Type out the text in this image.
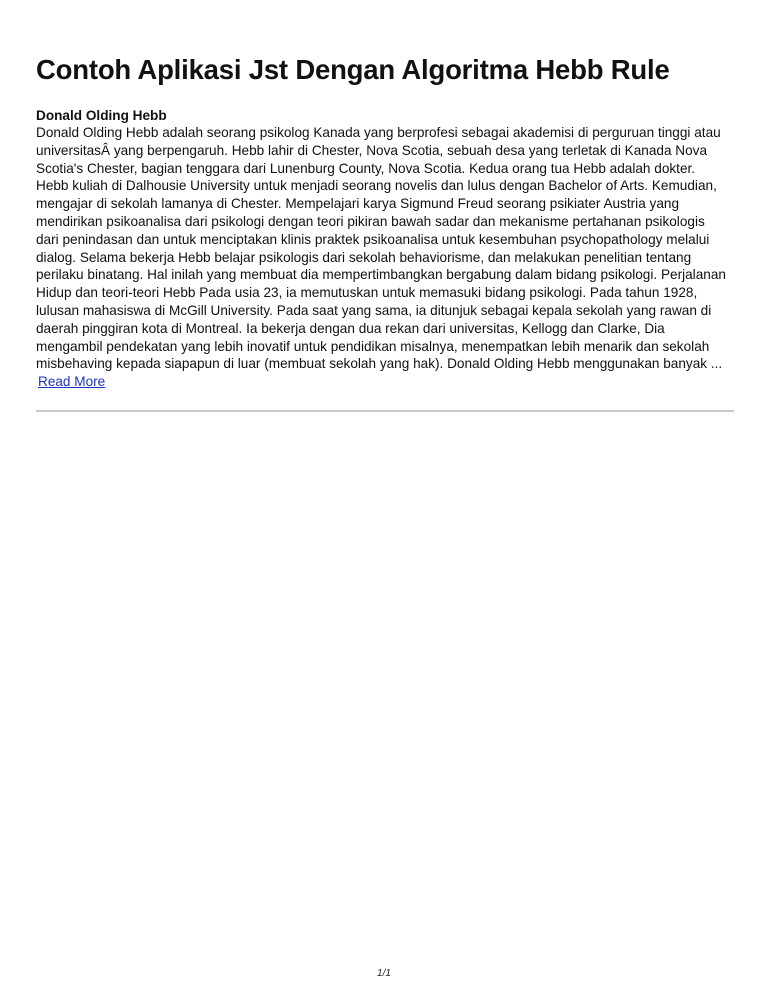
Contoh Aplikasi Jst Dengan Algoritma Hebb Rule

Donald Olding Hebb

Donald Olding Hebb adalah seorang psikolog Kanada yang berprofesi sebagai akademisi di perguruan tinggi atau universitasÂ yang berpengaruh. Hebb lahir di Chester, Nova Scotia, sebuah desa yang terletak di Kanada Nova Scotia's Chester, bagian tenggara dari Lunenburg County, Nova Scotia. Kedua orang tua Hebb adalah dokter. Hebb kuliah di Dalhousie University untuk menjadi seorang novelis dan lulus dengan Bachelor of Arts. Kemudian, mengajar di sekolah lamanya di Chester. Mempelajari karya Sigmund Freud seorang psikiater Austria yang mendirikan psikoanalisa dari psikologi dengan teori pikiran bawah sadar dan mekanisme pertahanan psikologis dari penindasan dan untuk menciptakan klinis praktek psikoanalisa untuk kesembuhan psychopathology melalui dialog. Selama bekerja Hebb belajar psikologis dari sekolah behaviorisme, dan melakukan penelitian tentang perilaku binatang. Hal inilah yang membuat dia mempertimbangkan bergabung dalam bidang psikologi. Perjalanan Hidup dan teori-teori Hebb Pada usia 23, ia memutuskan untuk memasuki bidang psikologi. Pada tahun 1928, lulusan mahasiswa di McGill University. Pada saat yang sama, ia ditunjuk sebagai kepala sekolah yang rawan di daerah pinggiran kota di Montreal. Ia bekerja dengan dua rekan dari universitas, Kellogg dan Clarke, Dia mengambil pendekatan yang lebih inovatif untuk pendidikan misalnya, menempatkan lebih menarik dan sekolah misbehaving kepada siapapun di luar (membuat sekolah yang hak). Donald Olding Hebb menggunakan banyak ...

Read More
1/1
